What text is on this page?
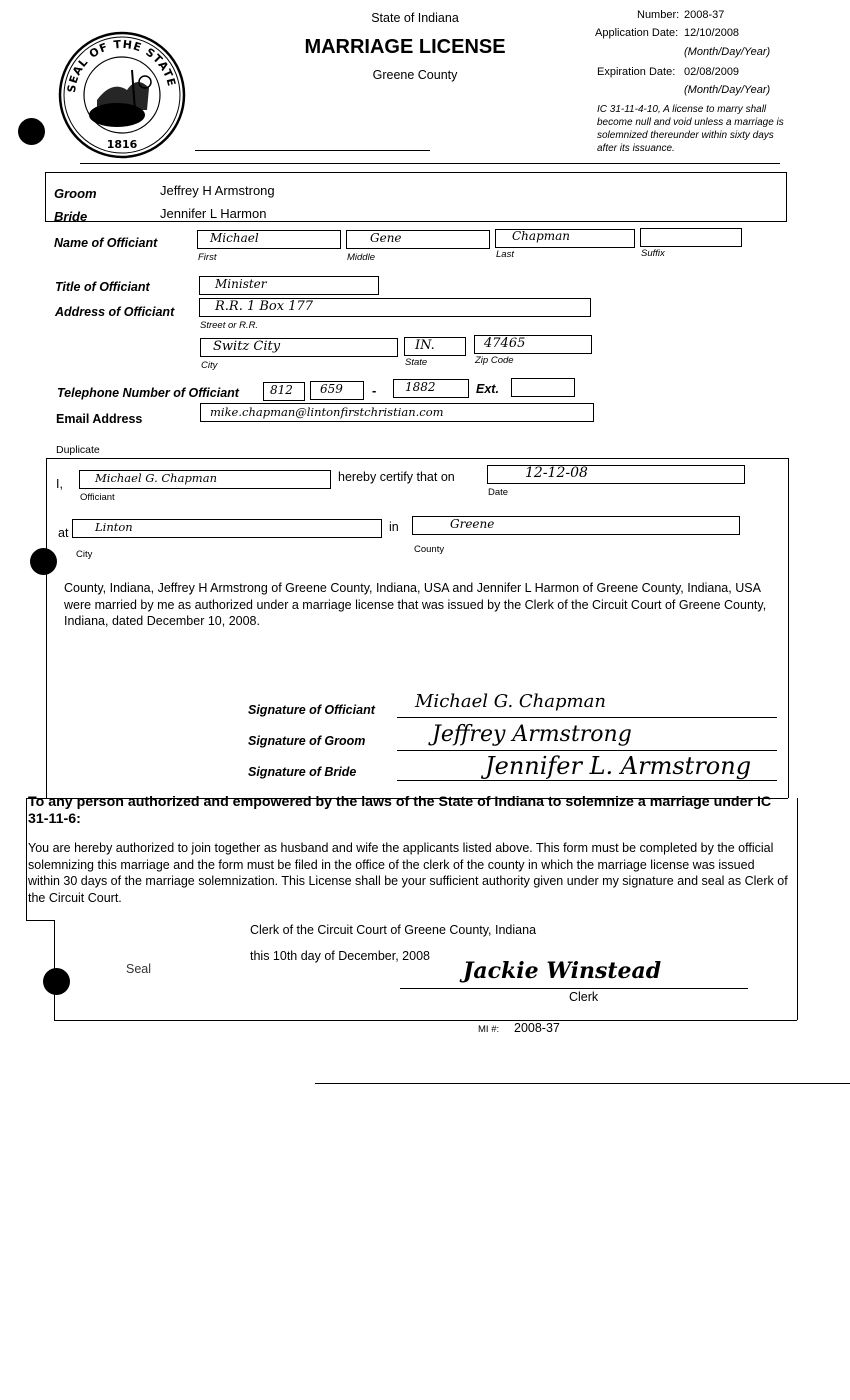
SEAL OF THE STATE
1816
State of Indiana
MARRIAGE LICENSE
Greene County
Number: 2008-37
Application Date: 12/10/2008
(Month/Day/Year)
Expiration Date: 02/08/2009
(Month/Day/Year)
IC 31-11-4-10, A license to marry shall become null and void unless a marriage is solemnized thereunder within sixty days after its issuance.
Groom	Jeffrey H Armstrong
Bride	Jennifer L Harmon
Name of Officiant	Michael
First
Gene
Middle
Chapman
Last	Suffix
Title of Officiant	Minister
Address of Officiant	R.R. 1 Box 177
Street or R.R.
Switz City
City
IN.
State
47465
Zip Code
Telephone Number of Officiant	812 659 - 1882	Ext.
Email Address	mike.chapman@lintonfirstchristian.com
Duplicate
I,	Michael G. Chapman
Officiant
hereby certify that on	12-12-08
Date
at Linton
City
in	Greene
County
County, Indiana, Jeffrey H Armstrong of Greene County, Indiana, USA and Jennifer L Harmon of Greene County, Indiana, USA were married by me as authorized under a marriage license that was issued by the Clerk of the Circuit Court of Greene County, Indiana, dated December 10, 2008.
Signature of Officiant Michael G. Chapman
Signature of Groom	Jeffrey Armstrong
Signature of Bride	Jennifer L. Armstrong
To any person authorized and empowered by the laws of the State of Indiana to solemnize a marriage under IC 31-11-6:
You are hereby authorized to join together as husband and wife the applicants listed above. This form must be completed by the official solemnizing this marriage and the form must be filed in the office of the clerk of the county in which the marriage license was issued within 30 days of the marriage solemnization. This License shall be your sufficient authority given under my signature and seal as Clerk of the Circuit Court.
Clerk of the Circuit Court of Greene County, Indiana
this 10th day of December, 2008
Seal	Jackie Winstead
Clerk
MI #: 2008-37
